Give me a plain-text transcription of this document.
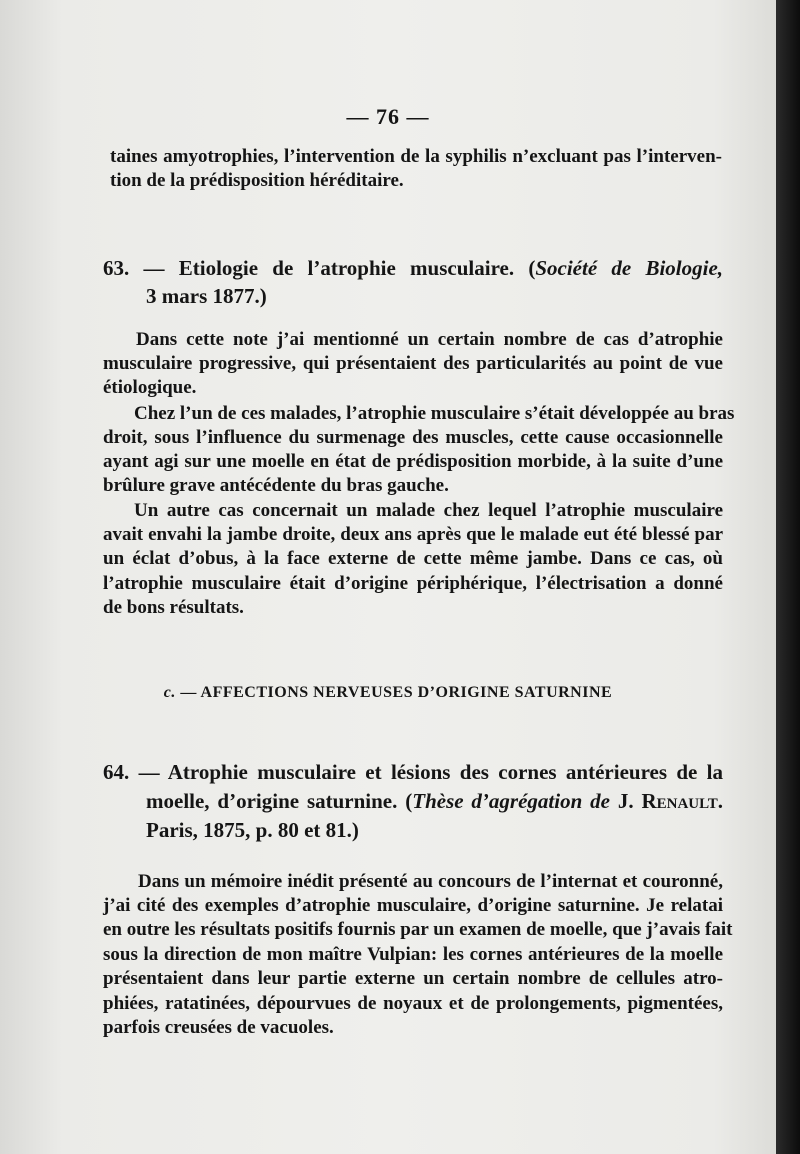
— 76 —
taines amyotrophies, l’intervention de la syphilis n’excluant pas l’interven-
tion de la prédisposition héréditaire.
63. — Etiologie de l’atrophie musculaire. (Société de Biologie,
3 mars 1877.)
Dans cette note j’ai mentionné un certain nombre de cas d’atrophie
musculaire progressive, qui présentaient des particularités au point de vue
étiologique.
Chez l’un de ces malades, l’atrophie musculaire s’était développée au bras
droit, sous l’influence du surmenage des muscles, cette cause occasionnelle
ayant agi sur une moelle en état de prédisposition morbide, à la suite d’une
brûlure grave antécédente du bras gauche.
Un autre cas concernait un malade chez lequel l’atrophie musculaire
avait envahi la jambe droite, deux ans après que le malade eut été blessé par
un éclat d’obus, à la face externe de cette même jambe. Dans ce cas, où
l’atrophie musculaire était d’origine périphérique, l’électrisation a donné
de bons résultats.
c. — AFFECTIONS NERVEUSES D’ORIGINE SATURNINE
64. — Atrophie musculaire et lésions des cornes antérieures de la
moelle, d’origine saturnine. (Thèse d’agrégation de J. Renault.
Paris, 1875, p. 80 et 81.)
Dans un mémoire inédit présenté au concours de l’internat et couronné,
j’ai cité des exemples d’atrophie musculaire, d’origine saturnine. Je relatai
en outre les résultats positifs fournis par un examen de moelle, que j’avais fait
sous la direction de mon maître Vulpian: les cornes antérieures de la moelle
présentaient dans leur partie externe un certain nombre de cellules atro-
phiées, ratatinées, dépourvues de noyaux et de prolongements, pigmentées,
parfois creusées de vacuoles.
